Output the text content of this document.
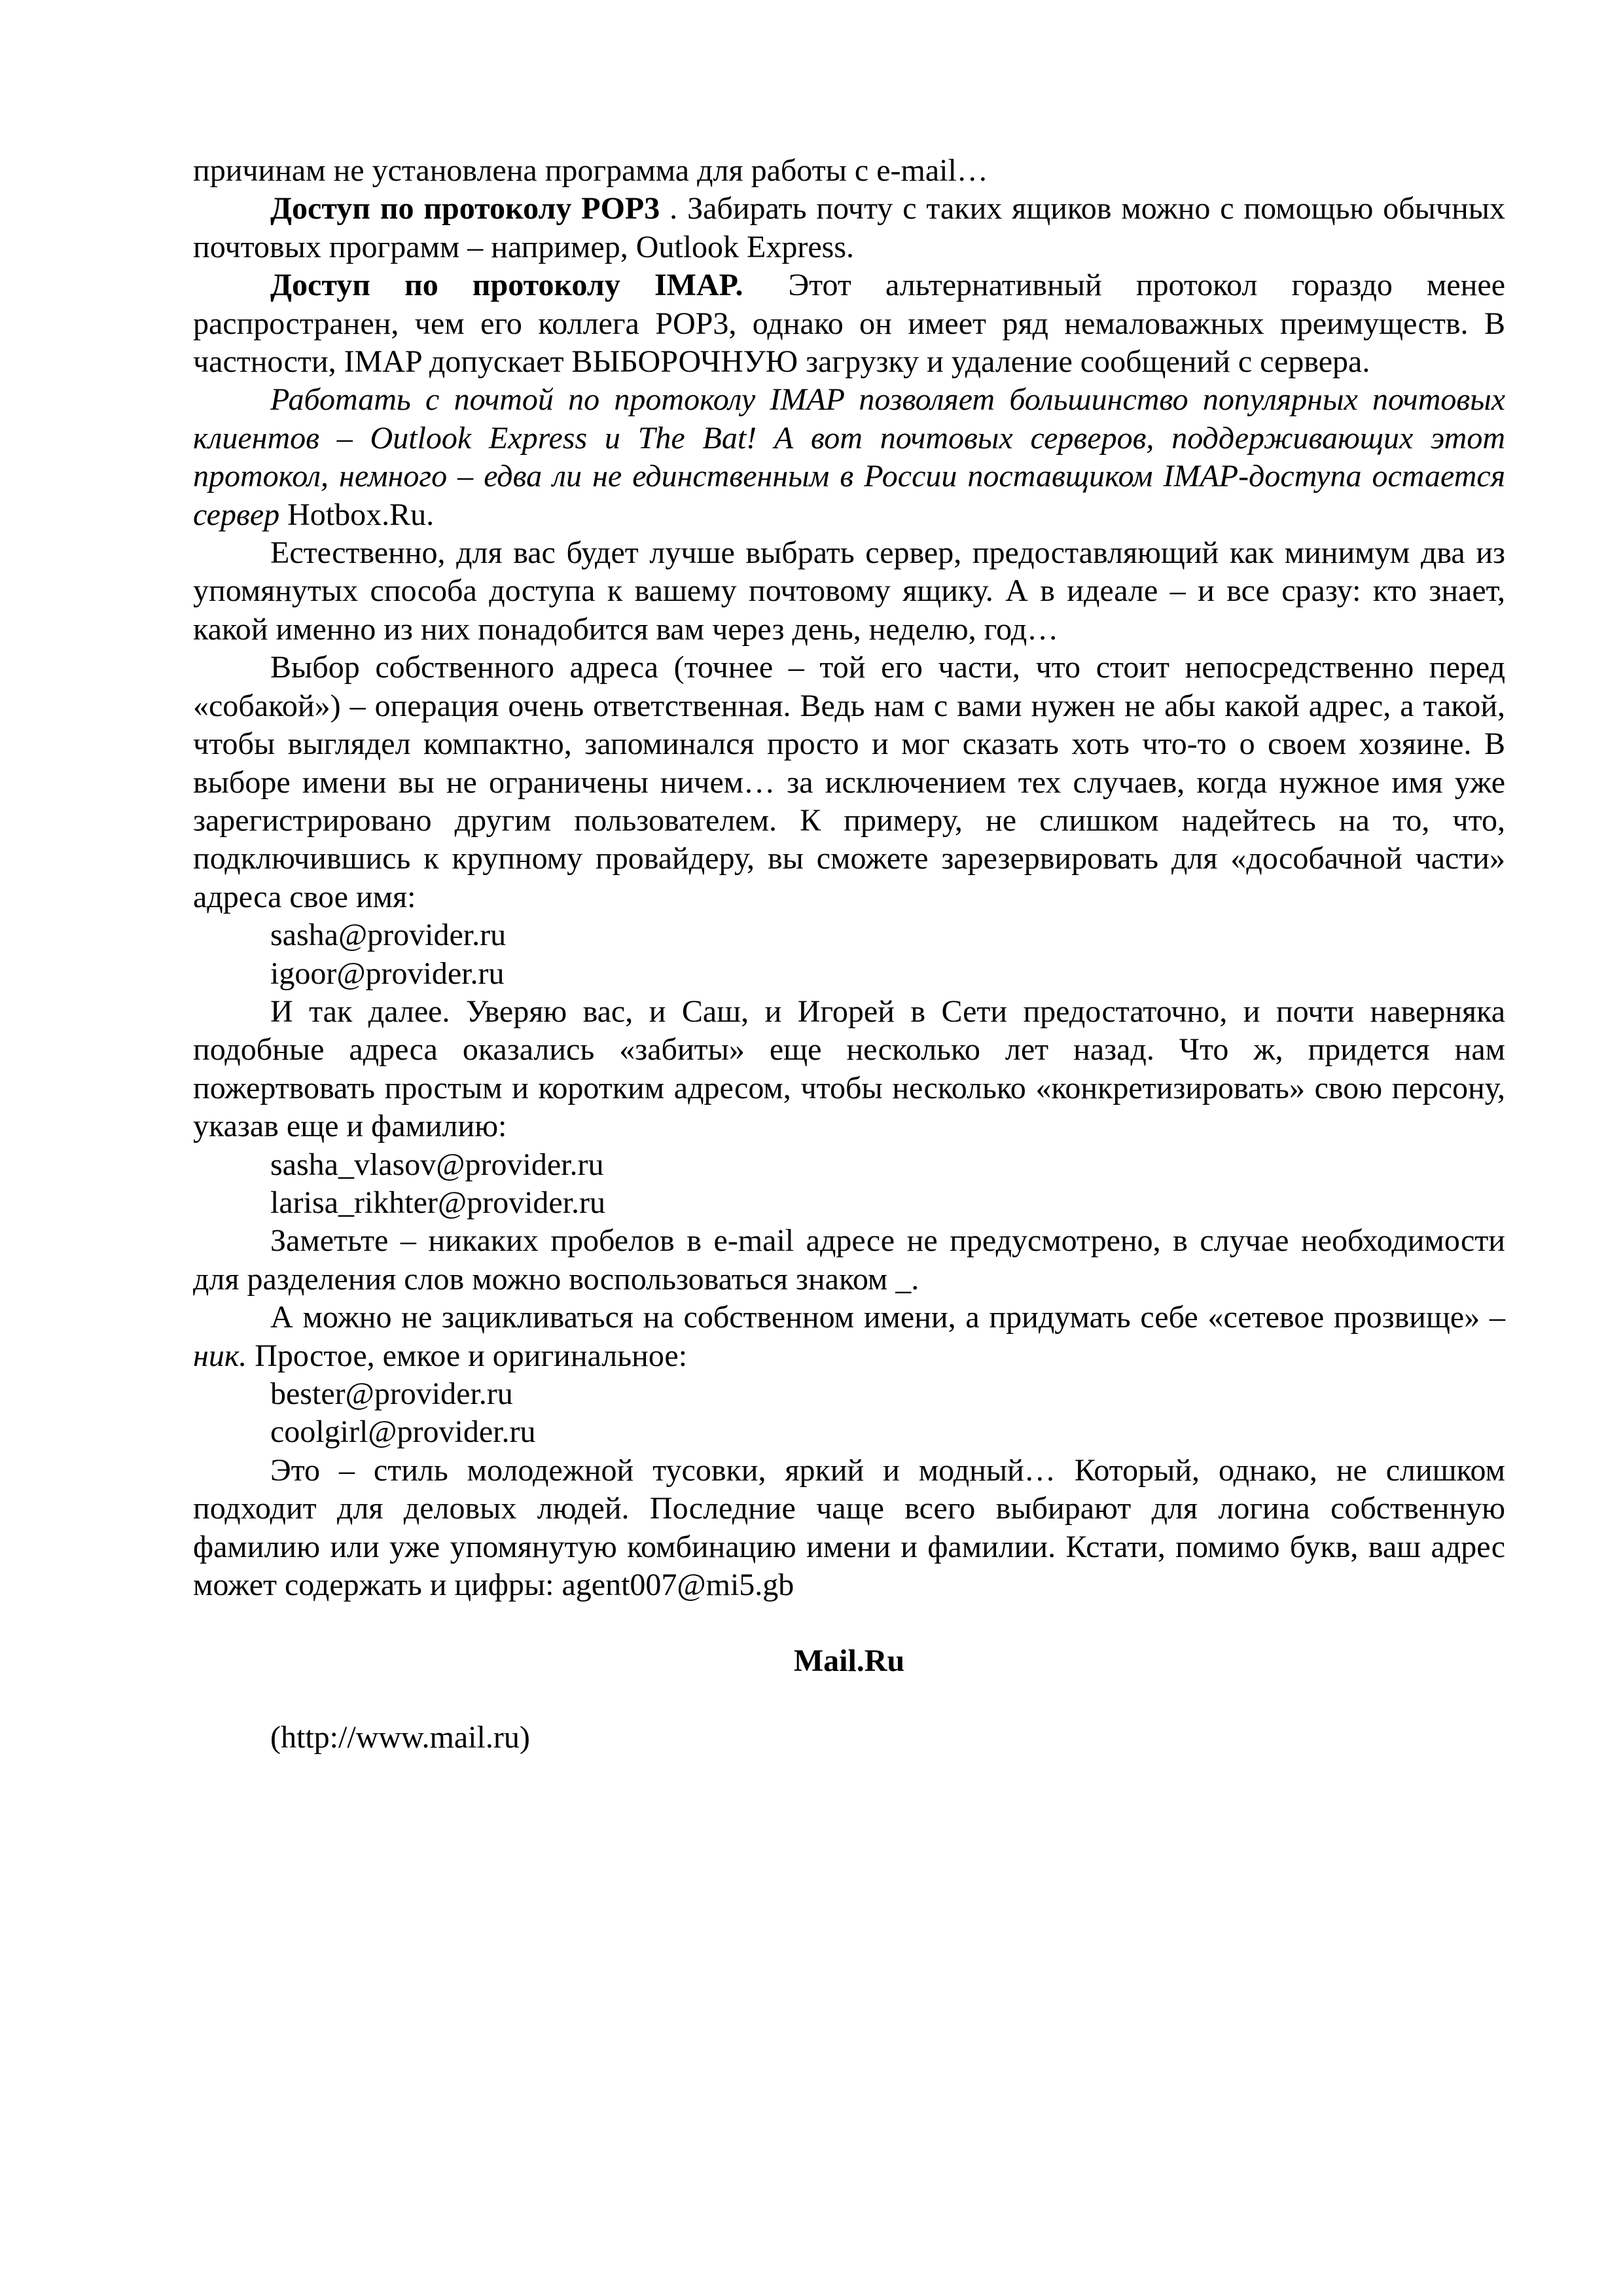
причинам не установлена программа для работы с e-mail…

Доступ по протоколу POP3 . Забирать почту с таких ящиков можно с помощью обычных почтовых программ – например, Outlook Express.

Доступ по протоколу IMAP. Этот альтернативный протокол гораздо менее распространен, чем его коллега POP3, однако он имеет ряд немаловажных преимуществ. В частности, IMAP допускает ВЫБОРОЧНУЮ загрузку и удаление сообщений с сервера.

Работать с почтой по протоколу IMAP позволяет большинство популярных почтовых клиентов – Outlook Express и The Bat! А вот почтовых серверов, поддерживающих этот протокол, немного – едва ли не единственным в России поставщиком IMAP-доступа остается сервер Hotbox.Ru.

Естественно, для вас будет лучше выбрать сервер, предоставляющий как минимум два из упомянутых способа доступа к вашему почтовому ящику. А в идеале – и все сразу: кто знает, какой именно из них понадобится вам через день, неделю, год…

Выбор собственного адреса (точнее – той его части, что стоит непосредственно перед «собакой») – операция очень ответственная. Ведь нам с вами нужен не абы какой адрес, а такой, чтобы выглядел компактно, запоминался просто и мог сказать хоть что-то о своем хозяине. В выборе имени вы не ограничены ничем… за исключением тех случаев, когда нужное имя уже зарегистрировано другим пользователем. К примеру, не слишком надейтесь на то, что, подключившись к крупному провайдеру, вы сможете зарезервировать для «дособачной части» адреса свое имя:

sasha@provider.ru

igoor@provider.ru

И так далее. Уверяю вас, и Саш, и Игорей в Сети предостаточно, и почти наверняка подобные адреса оказались «забиты» еще несколько лет назад. Что ж, придется нам пожертвовать простым и коротким адресом, чтобы несколько «конкретизировать» свою персону, указав еще и фамилию:

sasha_vlasov@provider.ru

larisa_rikhter@provider.ru

Заметьте – никаких пробелов в e-mail адресе не предусмотрено, в случае необходимости для разделения слов можно воспользоваться знаком _.

А можно не зацикливаться на собственном имени, а придумать себе «сетевое прозвище» – ник. Простое, емкое и оригинальное:

bester@provider.ru

coolgirl@provider.ru

Это – стиль молодежной тусовки, яркий и модный… Который, однако, не слишком подходит для деловых людей. Последние чаще всего выбирают для логина собственную фамилию или уже упомянутую комбинацию имени и фамилии. Кстати, помимо букв, ваш адрес может содержать и цифры: agent007@mi5.gb

Mail.Ru

(http://www.mail.ru)
